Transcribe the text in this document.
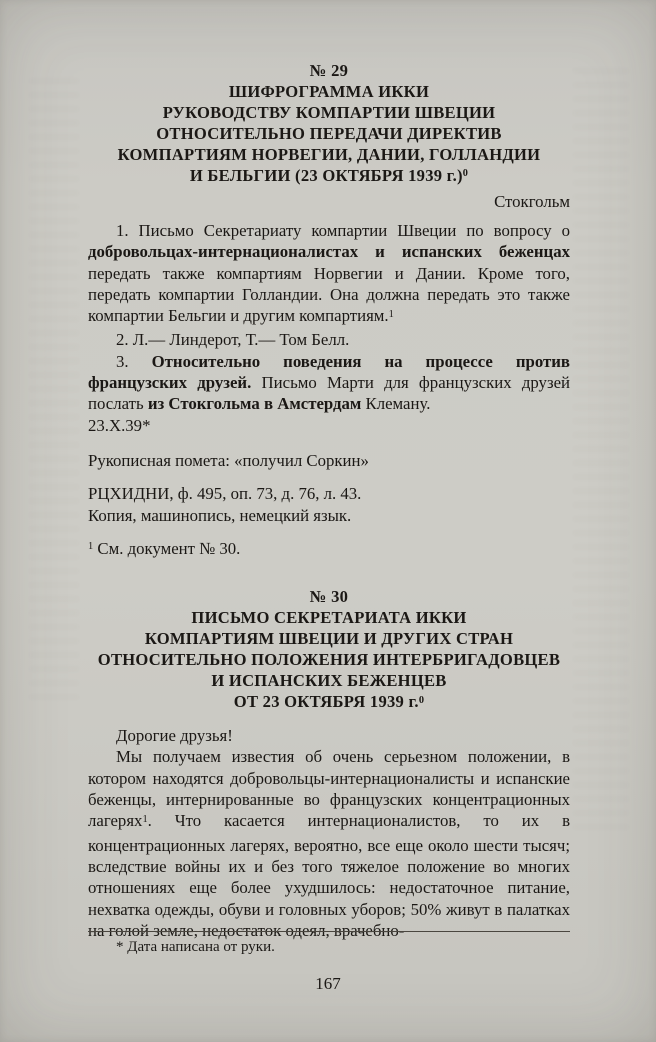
№ 29
ШИФРОГРАММА ИККИ
РУКОВОДСТВУ КОМПАРТИИ ШВЕЦИИ
ОТНОСИТЕЛЬНО ПЕРЕДАЧИ ДИРЕКТИВ
КОМПАРТИЯМ НОРВЕГИИ, ДАНИИ, ГОЛЛАНДИИ
И БЕЛЬГИИ (23 ОКТЯБРЯ 1939 г.)$^0$
Стокгольм

1. Письмо Секретариату компартии Швеции по вопросу о добровольцах-интернационалистах и испанских беженцах передать также компартиям Норвегии и Дании. Кроме того, передать компартии Голландии. Она должна передать это также компартии Бельгии и другим компартиям.$^1$

2. Л.— Линдерот, Т.— Том Белл.

3. Относительно поведения на процессе против французских друзей. Письмо Марти для французских друзей послать из Стокгольма в Амстердам Клеману.

23.X.39*

Рукописная помета: «получил Соркин»

РЦХИДНИ, ф. 495, оп. 73, д. 76, л. 43.

Копия, машинопись, немецкий язык.

$^1$ См. документ № 30.

№ 30
ПИСЬМО СЕКРЕТАРИАТА ИККИ
КОМПАРТИЯМ ШВЕЦИИ И ДРУГИХ СТРАН
ОТНОСИТЕЛЬНО ПОЛОЖЕНИЯ ИНТЕРБРИГАДОВЦЕВ
И ИСПАНСКИХ БЕЖЕНЦЕВ
ОТ 23 ОКТЯБРЯ 1939 г.$^0$

Дорогие друзья!

Мы получаем известия об очень серьезном положении, в котором находятся добровольцы-интернационалисты и испанские беженцы, интернированные во французских концентрационных лагерях$^1$. Что касается интернационалистов, то их в концентрационных лагерях, вероятно, все еще около шести тысяч; вследствие войны их и без того тяжелое положение во многих отношениях еще более ухудшилось: недостаточное питание, нехватка одежды, обуви и головных уборов; 50% живут в палатках на голой земле, недостаток одеял, врачебно-

* Дата написана от руки.

167
